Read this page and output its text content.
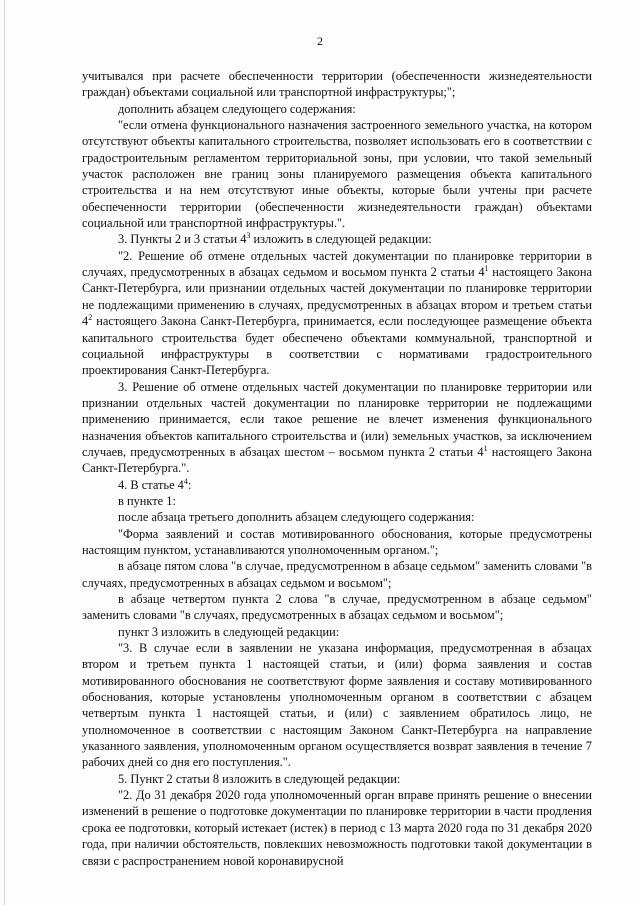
2

учитывался при расчете обеспеченности территории (обеспеченности жизнедеятельности граждан) объектами социальной или транспортной инфраструктуры;";

дополнить абзацем следующего содержания:

"если отмена функционального назначения застроенного земельного участка, на котором отсутствуют объекты капитального строительства, позволяет использовать его в соответствии с градостроительным регламентом территориальной зоны, при условии, что такой земельный участок расположен вне границ зоны планируемого размещения объекта капитального строительства и на нем отсутствуют иные объекты, которые были учтены при расчете обеспеченности территории (обеспеченности жизнедеятельности граждан) объектами социальной или транспортной инфраструктуры.".

3. Пункты 2 и 3 статьи $4^3$ изложить в следующей редакции:

"2. Решение об отмене отдельных частей документации по планировке территории в случаях, предусмотренных в абзацах седьмом и восьмом пункта 2 статьи $4^1$ настоящего Закона Санкт-Петербурга, или признании отдельных частей документации по планировке территории не подлежащими применению в случаях, предусмотренных в абзацах втором и третьем статьи $4^2$ настоящего Закона Санкт-Петербурга, принимается, если последующее размещение объекта капитального строительства будет обеспечено объектами коммунальной, транспортной и социальной инфраструктуры в соответствии с нормативами градостроительного проектирования Санкт-Петербурга.

3. Решение об отмене отдельных частей документации по планировке территории или признании отдельных частей документации по планировке территории не подлежащими применению принимается, если такое решение не влечет изменения функционального назначения объектов капитального строительства и (или) земельных участков, за исключением случаев, предусмотренных в абзацах шестом – восьмом пункта 2 статьи $4^1$ настоящего Закона Санкт-Петербурга.".

4. В статье $4^4$:

в пункте 1:

после абзаца третьего дополнить абзацем следующего содержания:

"Форма заявлений и состав мотивированного обоснования, которые предусмотрены настоящим пунктом, устанавливаются уполномоченным органом.";

в абзаце пятом слова "в случае, предусмотренном в абзаце седьмом" заменить словами "в случаях, предусмотренных в абзацах седьмом и восьмом";

в абзаце четвертом пункта 2 слова "в случае, предусмотренном в абзаце седьмом" заменить словами "в случаях, предусмотренных в абзацах седьмом и восьмом";

пункт 3 изложить в следующей редакции:

"3. В случае если в заявлении не указана информация, предусмотренная в абзацах втором и третьем пункта 1 настоящей статьи, и (или) форма заявления и состав мотивированного обоснования не соответствуют форме заявления и составу мотивированного обоснования, которые установлены уполномоченным органом в соответствии с абзацем четвертым пункта 1 настоящей статьи, и (или) с заявлением обратилось лицо, не уполномоченное в соответствии с настоящим Законом Санкт-Петербурга на направление указанного заявления, уполномоченным органом осуществляется возврат заявления в течение 7 рабочих дней со дня его поступления.".

5. Пункт 2 статьи 8 изложить в следующей редакции:

"2. До 31 декабря 2020 года уполномоченный орган вправе принять решение о внесении изменений в решение о подготовке документации по планировке территории в части продления срока ее подготовки, который истекает (истек) в период с 13 марта 2020 года по 31 декабря 2020 года, при наличии обстоятельств, повлекших невозможность подготовки такой документации в связи с распространением новой коронавирусной
